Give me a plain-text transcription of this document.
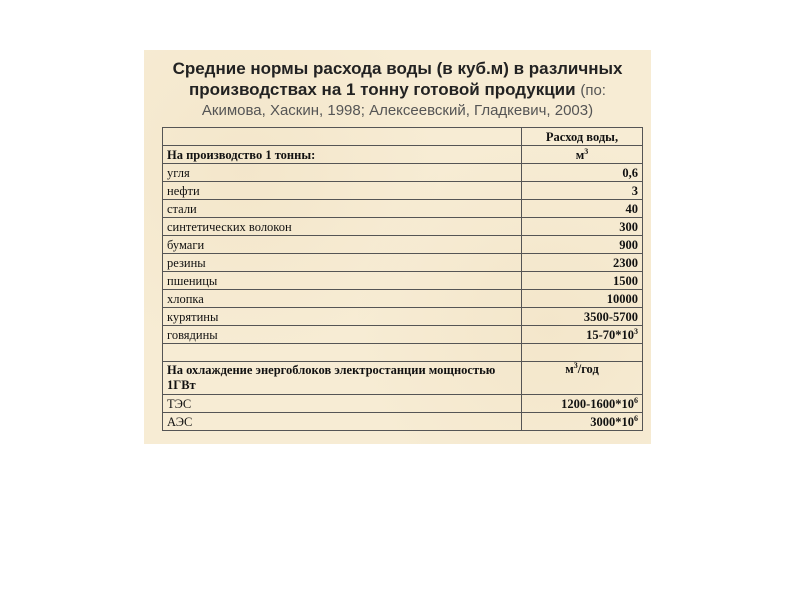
Средние нормы расхода воды (в куб.м) в различных
производствах на 1 тонну готовой продукции (по:
Акимова, Хаскин, 1998; Алексеевский, Гладкевич, 2003)
	Расход воды,
На производство 1 тонны:	$м^3$
угля	0,6
нефти	3
стали	40
синтетических волокон	300
бумаги	900
резины	2300
пшеницы	1500
хлопка	10000
курятины	3500-5700
говядины	$15-70*10^3$

На охлаждение энергоблоков электростанции мощностью 1ГВт	$м^3$/год
ТЭС	$1200-1600*10^6$
АЭС	$3000*10^6$
